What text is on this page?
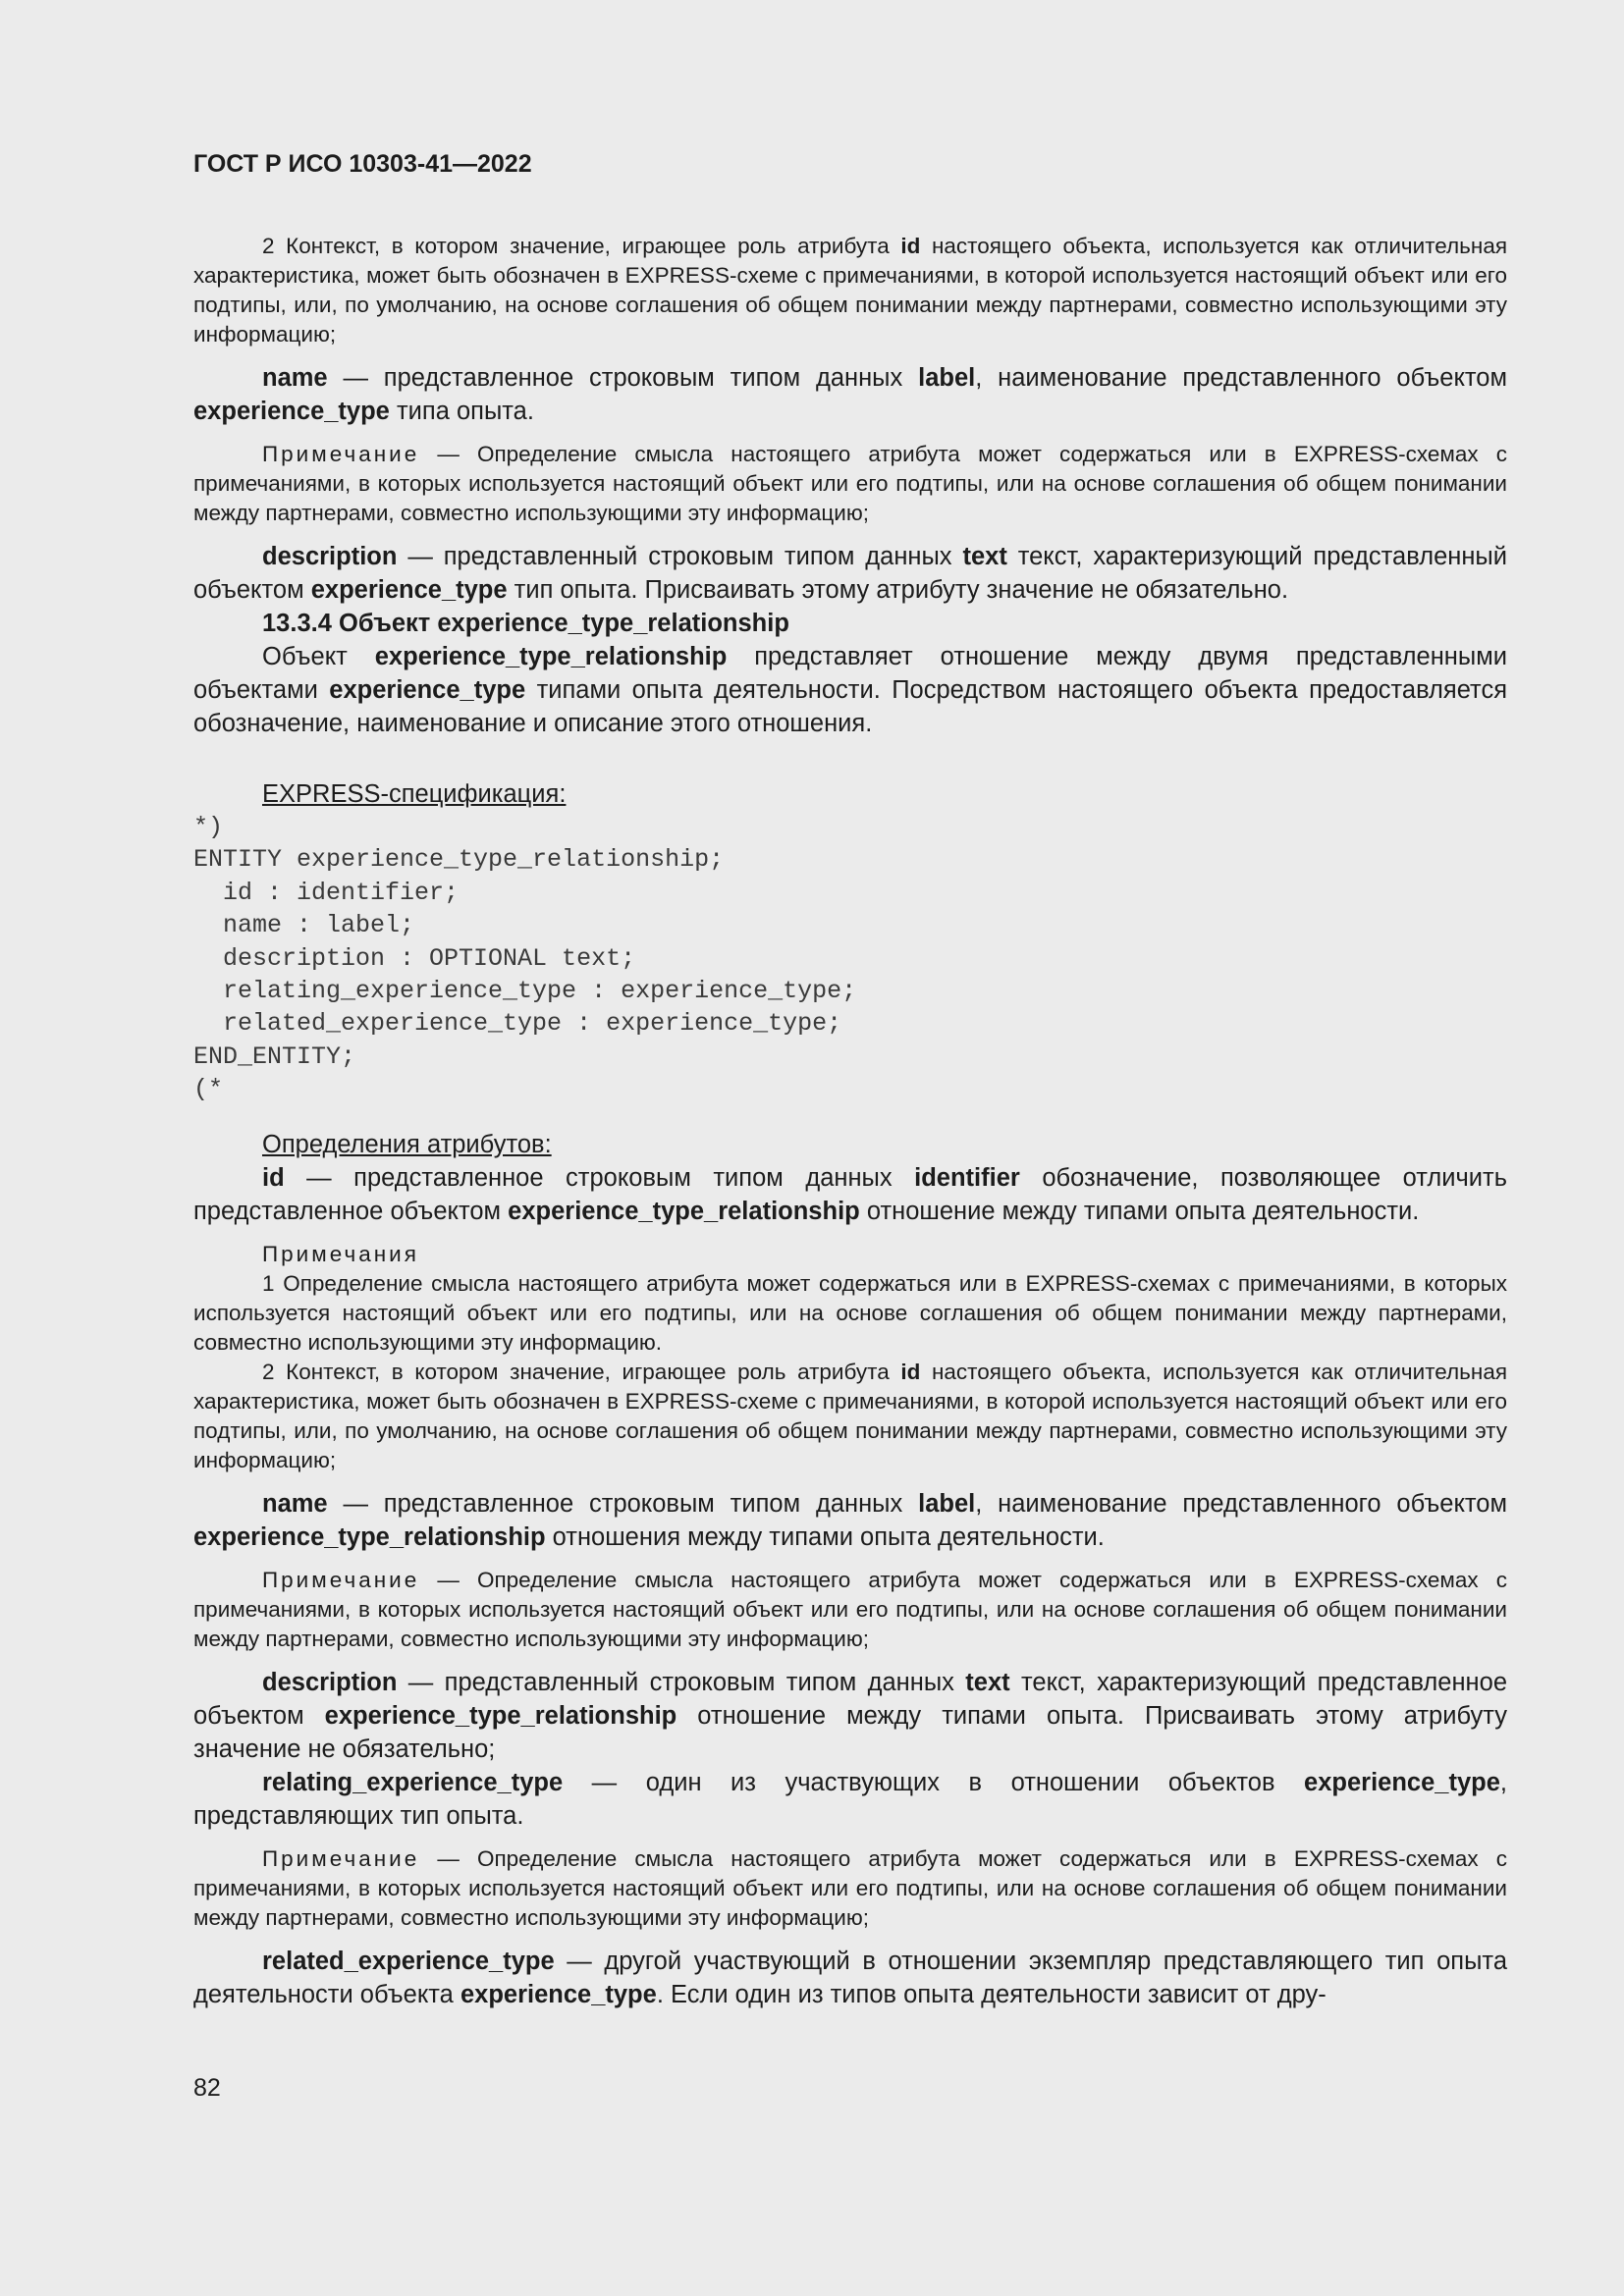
ГОСТ Р ИСО 10303-41—2022

2 Контекст, в котором значение, играющее роль атрибута id настоящего объекта, используется как отличительная характеристика, может быть обозначен в EXPRESS-схеме с примечаниями, в которой используется настоящий объект или его подтипы, или, по умолчанию, на основе соглашения об общем понимании между партнерами, совместно использующими эту информацию;

name — представленное строковым типом данных label, наименование представленного объектом experience_type типа опыта.

Примечание — Определение смысла настоящего атрибута может содержаться или в EXPRESS-схемах с примечаниями, в которых используется настоящий объект или его подтипы, или на основе соглашения об общем понимании между партнерами, совместно использующими эту информацию;

description — представленный строковым типом данных text текст, характеризующий представленный объектом experience_type тип опыта. Присваивать этому атрибуту значение не обязательно.

13.3.4 Объект experience_type_relationship

Объект experience_type_relationship представляет отношение между двумя представленными объектами experience_type типами опыта деятельности. Посредством настоящего объекта предоставляется обозначение, наименование и описание этого отношения.

EXPRESS-спецификация:

*)
ENTITY experience_type_relationship;
id : identifier;
name : label;
description : OPTIONAL text;
relating_experience_type : experience_type;
related_experience_type : experience_type;
END_ENTITY;
(*

Определения атрибутов:

id — представленное строковым типом данных identifier обозначение, позволяющее отличить представленное объектом experience_type_relationship отношение между типами опыта деятельности.

Примечания

1 Определение смысла настоящего атрибута может содержаться или в EXPRESS-схемах с примечаниями, в которых используется настоящий объект или его подтипы, или на основе соглашения об общем понимании между партнерами, совместно использующими эту информацию.

2 Контекст, в котором значение, играющее роль атрибута id настоящего объекта, используется как отличительная характеристика, может быть обозначен в EXPRESS-схеме с примечаниями, в которой используется настоящий объект или его подтипы, или, по умолчанию, на основе соглашения об общем понимании между партнерами, совместно использующими эту информацию;

name — представленное строковым типом данных label, наименование представленного объектом experience_type_relationship отношения между типами опыта деятельности.

Примечание — Определение смысла настоящего атрибута может содержаться или в EXPRESS-схемах с примечаниями, в которых используется настоящий объект или его подтипы, или на основе соглашения об общем понимании между партнерами, совместно использующими эту информацию;

description — представленный строковым типом данных text текст, характеризующий представленное объектом experience_type_relationship отношение между типами опыта. Присваивать этому атрибуту значение не обязательно;

relating_experience_type — один из участвующих в отношении объектов experience_type, представляющих тип опыта.

Примечание — Определение смысла настоящего атрибута может содержаться или в EXPRESS-схемах с примечаниями, в которых используется настоящий объект или его подтипы, или на основе соглашения об общем понимании между партнерами, совместно использующими эту информацию;

related_experience_type — другой участвующий в отношении экземпляр представляющего тип опыта деятельности объекта experience_type. Если один из типов опыта деятельности зависит от дру-

82
